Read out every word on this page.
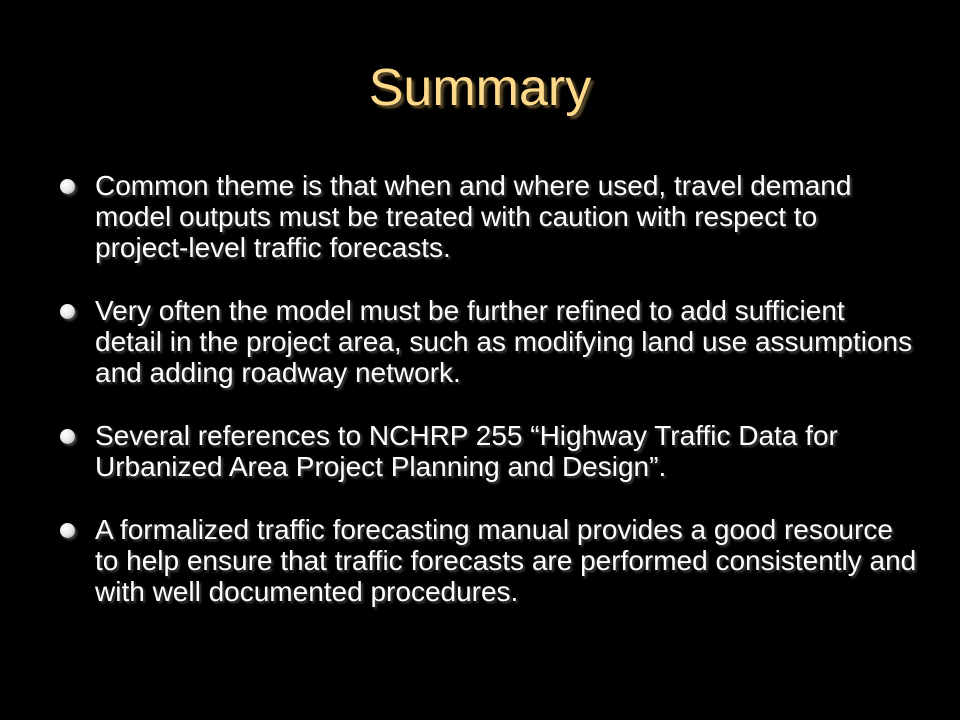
Summary
Common theme is that when and where used, travel demand model outputs must be treated with caution with respect to project-level traffic forecasts.
Very often the model must be further refined to add sufficient detail in the project area, such as modifying land use assumptions and adding roadway network.
Several references to NCHRP 255 “Highway Traffic Data for Urbanized Area Project Planning and Design”.
A formalized traffic forecasting manual provides a good resource to help ensure that traffic forecasts are performed consistently and with well documented procedures.
